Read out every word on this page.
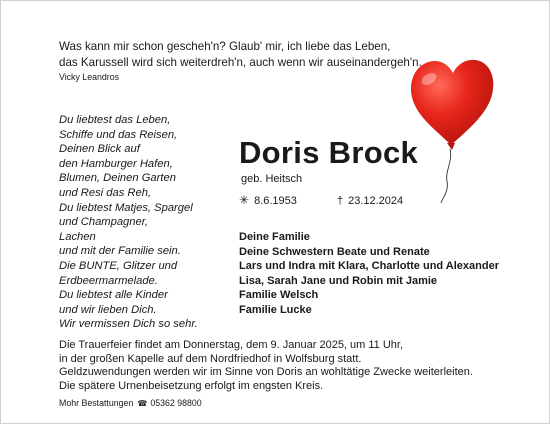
Was kann mir schon gescheh'n? Glaub' mir, ich liebe das Leben,
das Karussell wird sich weiterdreh'n, auch wenn wir auseinandergeh'n.
Vicky Leandros
Du liebtest das Leben,
Schiffe und das Reisen,
Deinen Blick auf
den Hamburger Hafen,
Blumen, Deinen Garten
und Resi das Reh,
Du liebtest Matjes, Spargel
und Champagner,
Lachen
und mit der Familie sein.
Die BUNTE, Glitzer und
Erdbeermarmelade.
Du liebtest alle Kinder
und wir lieben Dich.
Wir vermissen Dich so sehr.
Doris Brock
geb. Heitsch
✳ 8.6.1953	† 23.12.2024
Deine Familie
Deine Schwestern Beate und Renate
Lars und Indra mit Klara, Charlotte und Alexander
Lisa, Sarah Jane und Robin mit Jamie
Familie Welsch
Familie Lucke
Die Trauerfeier findet am Donnerstag, dem 9. Januar 2025, um 11 Uhr,
in der großen Kapelle auf dem Nordfriedhof in Wolfsburg statt.
Geldzuwendungen werden wir im Sinne von Doris an wohltätige Zwecke weiterleiten.
Die spätere Urnenbeisetzung erfolgt im engsten Kreis.
Mohr Bestattungen ☎ 05362 98800
